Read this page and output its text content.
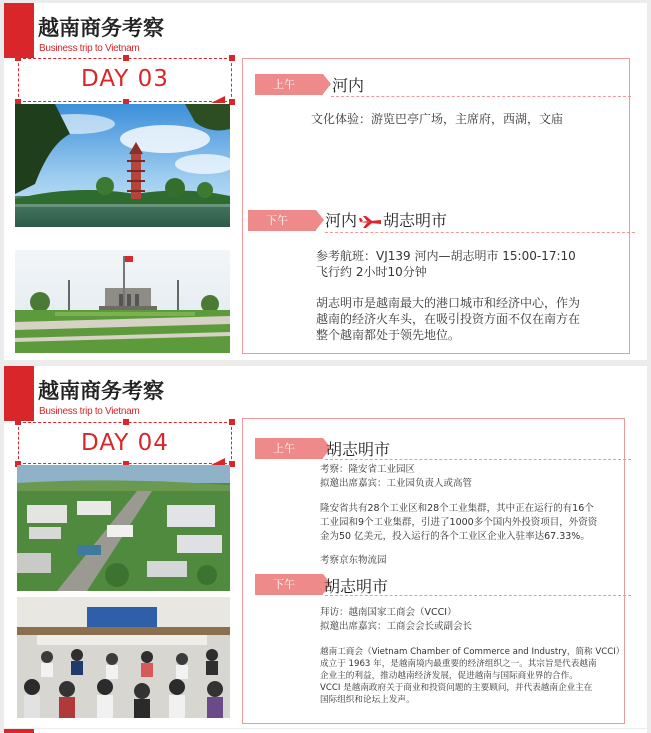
越南商务考察
Business trip to Vietnam
DAY 03	上午	河内
文化体验：游览巴亭广场，主席府，西湖，文庙
下午	河内 胡志明市
参考航班：VJ139 河内—胡志明市 15:00-17:10
飞行约 2小时10分钟
胡志明市是越南最大的港口城市和经济中心，作为
越南的经济火车头，在吸引投资方面不仅在南方在
整个越南都处于领先地位。
越南商务考察
Business trip to Vietnam
DAY 04	上午	胡志明市
考察：隆安省工业园区
拟邀出席嘉宾：工业园负责人或高管
隆安省共有28个工业区和28个工业集群，其中正在运行的有16个
工业园和9个工业集群，引进了1000多个国内外投资项目，外资资
金为50 亿美元，投入运行的各个工业区企业入驻率达67.33%。
考察京东物流园
下午	胡志明市
拜访：越南国家工商会（VCCI）
拟邀出席嘉宾：工商会会长或副会长
越南工商会（Vietnam Chamber of Commerce and Industry，简称 VCCI）
成立于 1963 年，是越南境内最重要的经济组织之一。其宗旨是代表越南
企业主的利益，推动越南经济发展，促进越南与国际商业界的合作。
VCCI 是越南政府关于商业和投资问题的主要顾问，并代表越南企业主在
国际组织和论坛上发声。
